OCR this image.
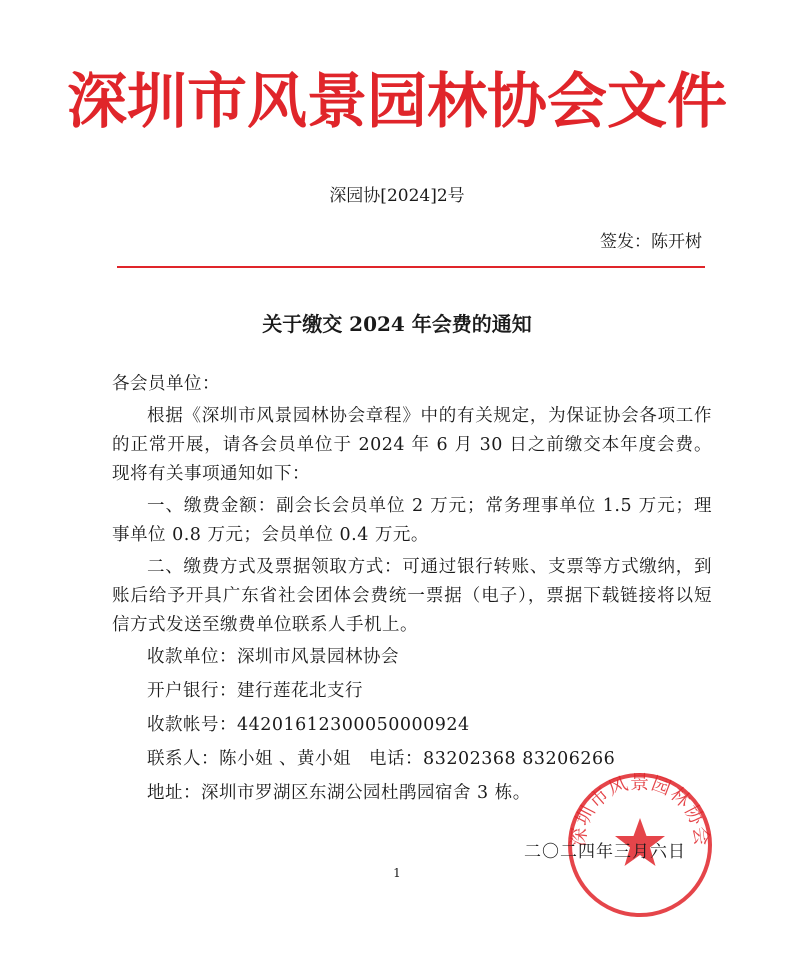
深圳市风景园林协会文件
深园协[2024]2号
签发：陈开树
关于缴交 2024 年会费的通知

各会员单位：

根据《深圳市风景园林协会章程》中的有关规定，为保证协会各项工作的正常开展，请各会员单位于 2024 年 6 月 30 日之前缴交本年度会费。现将有关事项通知如下：

一、缴费金额：副会长会员单位 2 万元；常务理事单位 1.5 万元；理事单位 0.8 万元；会员单位 0.4 万元。

二、缴费方式及票据领取方式：可通过银行转账、支票等方式缴纳，到账后给予开具广东省社会团体会费统一票据（电子），票据下载链接将以短信方式发送至缴费单位联系人手机上。

收款单位：深圳市风景园林协会

开户银行：建行莲花北支行

收款帐号：44201612300050000924

联系人：陈小姐 、黄小姐　电话：83202368 83206266

地址：深圳市罗湖区东湖公园杜鹃园宿舍 3 栋。

深圳市风景园林协会
二〇二四年三月六日
1
